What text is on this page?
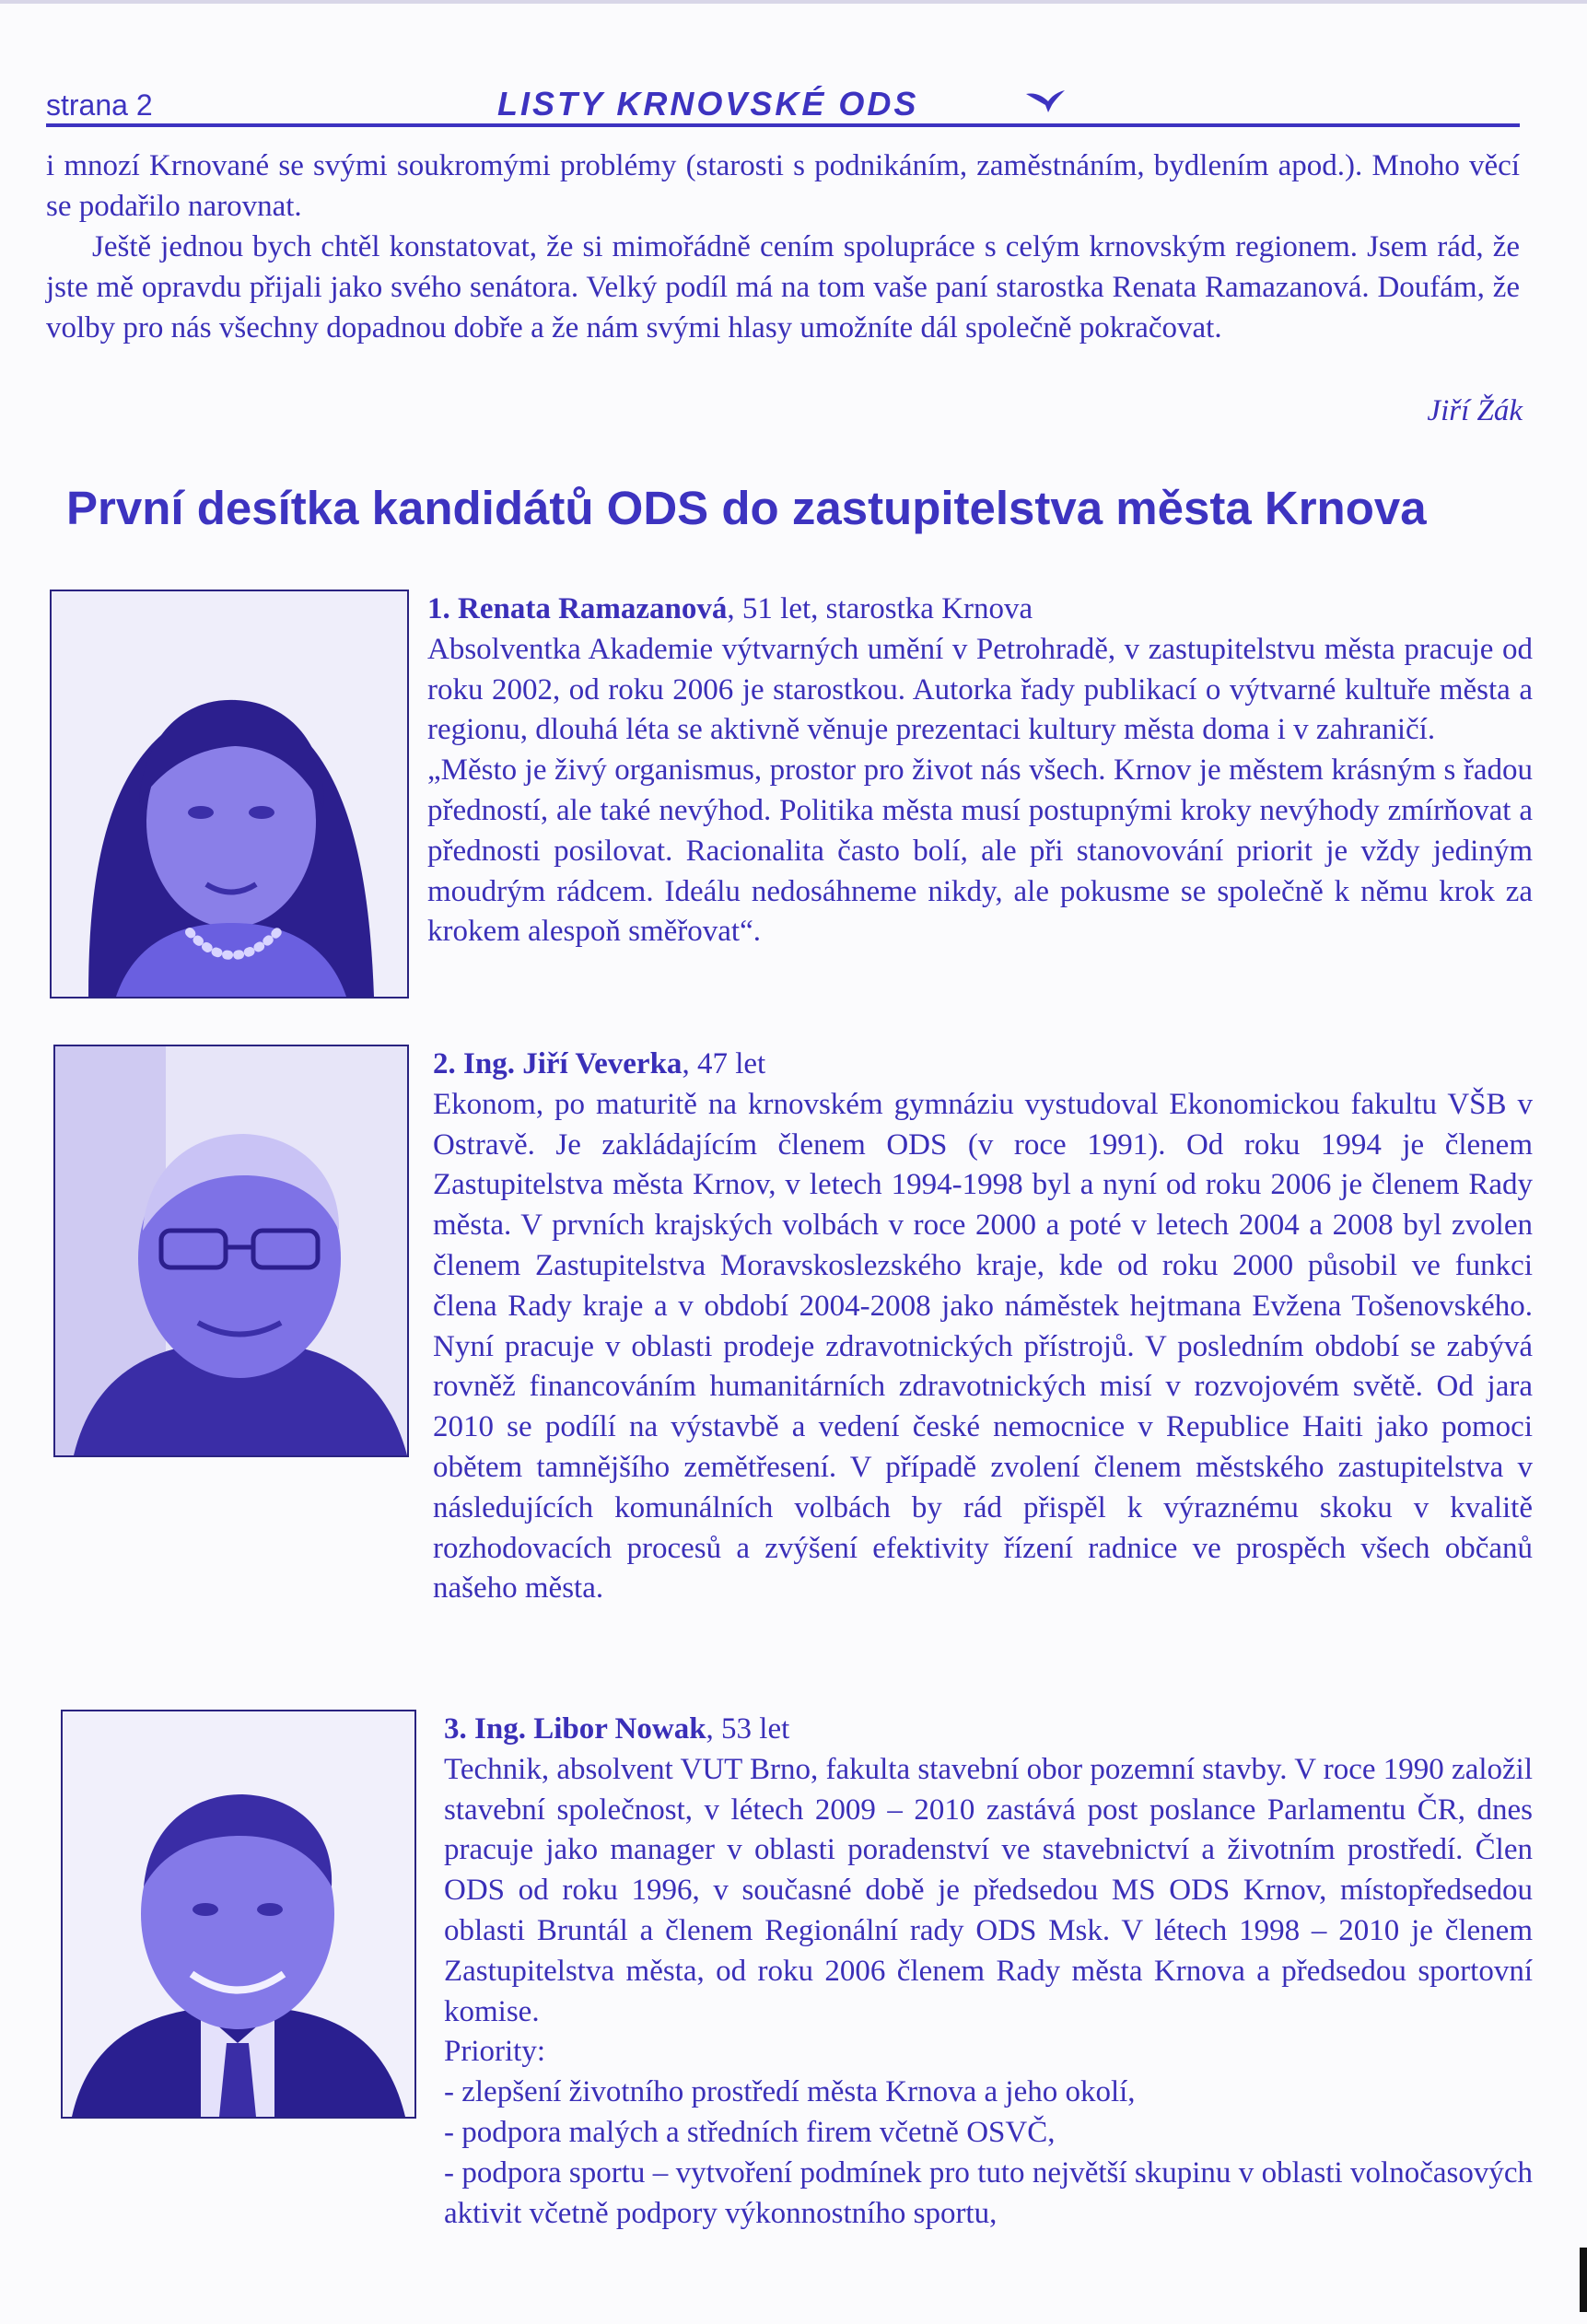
strana 2	LISTY KRNOVSKÉ ODS

i mnozí Krnované se svými soukromými problémy (starosti s podnikáním, zaměstnáním, bydlením apod.). Mnoho věcí se podařilo narovnat.

Ještě jednou bych chtěl konstatovat, že si mimořádně cením spolupráce s celým krnovským regionem. Jsem rád, že jste mě opravdu přijali jako svého senátora. Velký podíl má na tom vaše paní starostka Renata Ramazanová. Doufám, že volby pro nás všechny dopadnou dobře a že nám svými hlasy umožníte dál společně pokračovat.

Jiří Žák
První desítka kandidátů ODS do zastupitelstva města Krnova

1. Renata Ramazanová, 51 let, starostka Krnova

Absolventka Akademie výtvarných umění v Petrohradě, v zastupitelstvu města pracuje od roku 2002, od roku 2006 je starostkou. Autorka řady publikací o výtvarné kultuře města a regionu, dlouhá léta se aktivně věnuje prezentaci kultury města doma i v zahraničí.

„Město je živý organismus, prostor pro život nás všech. Krnov je městem krásným s řadou předností, ale také nevýhod. Politika města musí postupnými kroky nevýhody zmírňovat a přednosti posilovat. Racionalita často bolí, ale při stanovování priorit je vždy jediným moudrým rádcem. Ideálu nedosáhneme nikdy, ale pokusme se společně k němu krok za krokem alespoň směřovat“.

2. Ing. Jiří Veverka, 47 let

Ekonom, po maturitě na krnovském gymnáziu vystudoval Ekonomickou fakultu VŠB v Ostravě. Je zakládajícím členem ODS (v roce 1991). Od roku 1994 je členem Zastupitelstva města Krnov, v letech 1994-1998 byl a nyní od roku 2006 je členem Rady města. V prvních krajských volbách v roce 2000 a poté v letech 2004 a 2008 byl zvolen členem Zastupitelstva Moravskoslezského kraje, kde od roku 2000 působil ve funkci člena Rady kraje a v období 2004-2008 jako náměstek hejtmana Evžena Tošenovského. Nyní pracuje v oblasti prodeje zdravotnických přístrojů. V posledním období se zabývá rovněž financováním humanitárních zdravotnických misí v rozvojovém světě. Od jara 2010 se podílí na výstavbě a vedení české nemocnice v Republice Haiti jako pomoci obětem tamnějšího zemětřesení. V případě zvolení členem městského zastupitelstva v následujících komunálních volbách by rád přispěl k výraznému skoku v kvalitě rozhodovacích procesů a zvýšení efektivity řízení radnice ve prospěch všech občanů našeho města.

3. Ing. Libor Nowak, 53 let

Technik, absolvent VUT Brno, fakulta stavební obor pozemní stavby. V roce 1990 založil stavební společnost, v létech 2009 – 2010 zastává post poslance Parlamentu ČR, dnes pracuje jako manager v oblasti poradenství ve stavebnictví a životním prostředí. Člen ODS od roku 1996, v současné době je předsedou MS ODS Krnov, místopředsedou oblasti Bruntál a členem Regionální rady ODS Msk. V létech 1998 – 2010 je členem Zastupitelstva města, od roku 2006 členem Rady města Krnova a předsedou sportovní komise.

Priority:

- zlepšení životního prostředí města Krnova a jeho okolí,
- podpora malých a středních firem včetně OSVČ,
- podpora sportu – vytvoření podmínek pro tuto největší skupinu v oblasti volnočasových aktivit včetně podpory výkonnostního sportu,
